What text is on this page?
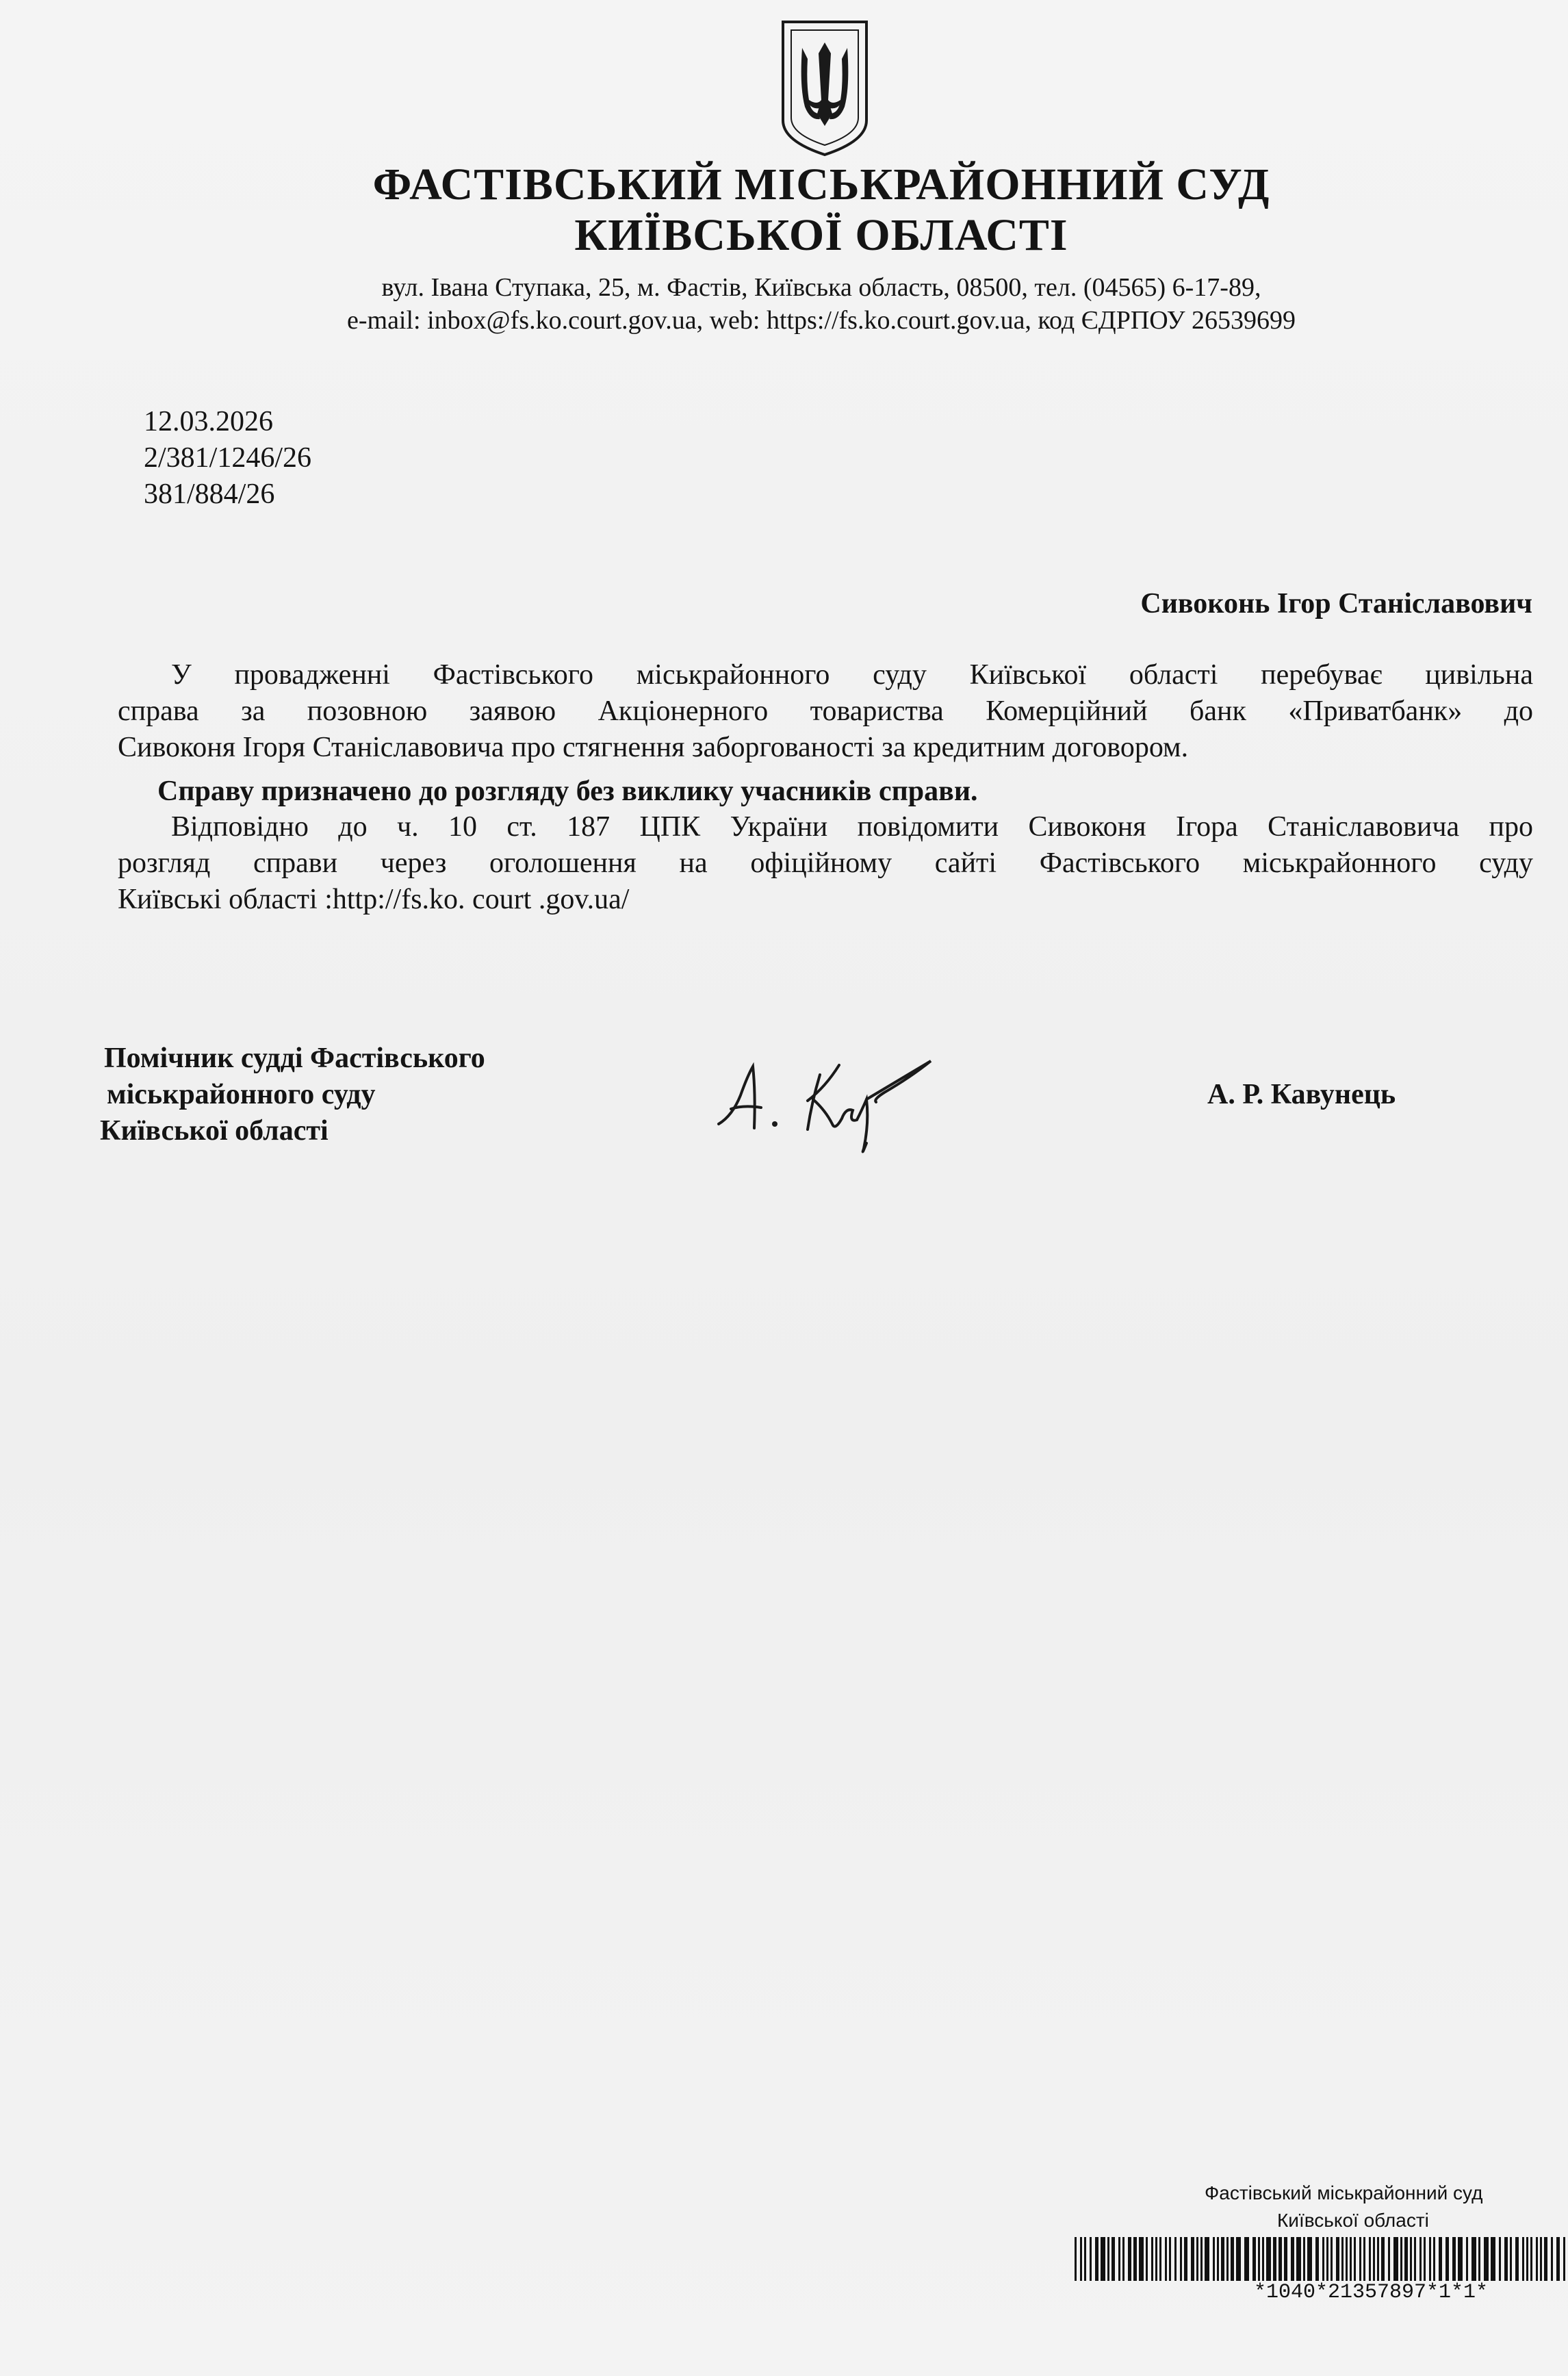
ФАСТІВСЬКИЙ МІСЬКРАЙОННИЙ СУД
КИЇВСЬКОЇ ОБЛАСТІ
вул. Івана Ступака, 25, м. Фастів, Київська область, 08500, тел. (04565) 6-17-89,
e-mail: inbox@fs.ko.court.gov.ua, web: https://fs.ko.court.gov.ua, код ЄДРПОУ 26539699
12.03.2026
2/381/1246/26
381/884/26
Сивоконь Ігор Станіславович

У провадженні Фастівського міськрайонного суду Київської області перебуває цивільна

справа за позовною заявою Акціонерного товариства Комерційний банк «Приватбанк» до

Сивоконя Ігоря Станіславовича про стягнення заборгованості за кредитним договором.

Справу призначено до розгляду без виклику учасників справи.

Відповідно до ч. 10 ст. 187 ЦПК України повідомити Сивоконя Ігора Станіславовича про

розгляд справи через оголошення на офіційному сайті Фастівського міськрайонного суду

Київські області :http://fs.ko. court .gov.ua/

Помічник судді Фастівського
міськрайонного суду
Київської області
А. Р. Кавунець
Фастівський міськрайонний суд
Київської області
*1040*21357897*1*1*
